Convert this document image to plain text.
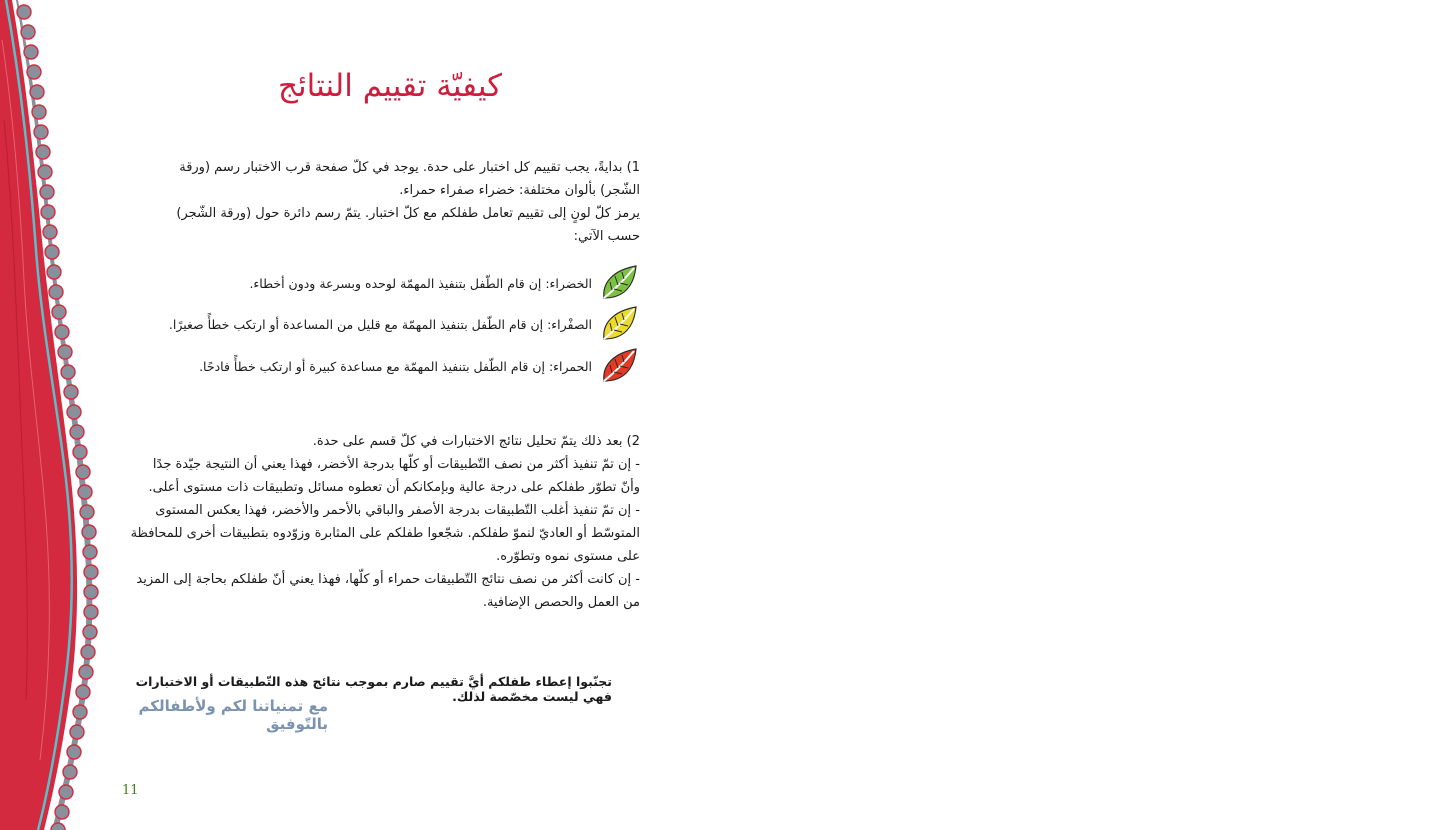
كيفيّة تقييم النتائج
1) بدايةً، يجب تقييم كل اختبار على حدة. يوجد في كلّ صفحة قرب الاختبار رسم (ورقة الشّجر) بألوان مختلفة: خضراء صفراء حمراء.
يرمز كلّ لونٍ إلى تقييم تعامل طفلكم مع كلّ اختبار. يتمّ رسم دائرة حول (ورقة الشّجر) حسب الآتي:
الخضراء: إن قام الطّفل بتنفيذ المهمّة لوحده وبسرعة ودون أخطاء.
الصفْراء: إن قام الطّفل بتنفيذ المهمّة مع قليل من المساعدة أو ارتكب خطأً صغيرًا.
الحمراء: إن قام الطّفل بتنفيذ المهمّة مع مساعدة كبيرة أو ارتكب خطأً فادحًا.
2) بعد ذلك يتمّ تحليل نتائج الاختبارات في كلّ قسم على حدة.
- إن تمّ تنفيذ أكثر من نصف التّطبيقات أو كلّها بدرجة الأخضر، فهذا يعني أن النتيجة جيّدة جدًا وأنّ تطوّر طفلكم على درجة عالية وبإمكانكم أن تعطوه مسائل وتطبيقات ذات مستوى أعلى.
- إن تمّ تنفيذ أغلب التّطبيقات بدرجة الأصفر والباقي بالأحمر والأخضر، فهذا يعكس المستوى المتوسّط أو العاديّ لنموّ طفلكم. شجّعوا طفلكم على المثابرة وزوّدوه بتطبيقات أخرى للمحافظة على مستوى نموه وتطوّره.
- إن كانت أكثر من نصف نتائج التّطبيقات حمراء أو كلّها، فهذا يعني أنّ طفلكم بحاجة إلى المزيد من العمل والحصص الإضافية.
تجنّبوا إعطاء طفلكم أيَّ تقييم صارم بموجب نتائج هذه التّطبيقات أو الاختبارات فهي ليست مخصّصة لذلك.
مع تمنياتنا لكم ولأطفالكم بالتّوفيق
11
